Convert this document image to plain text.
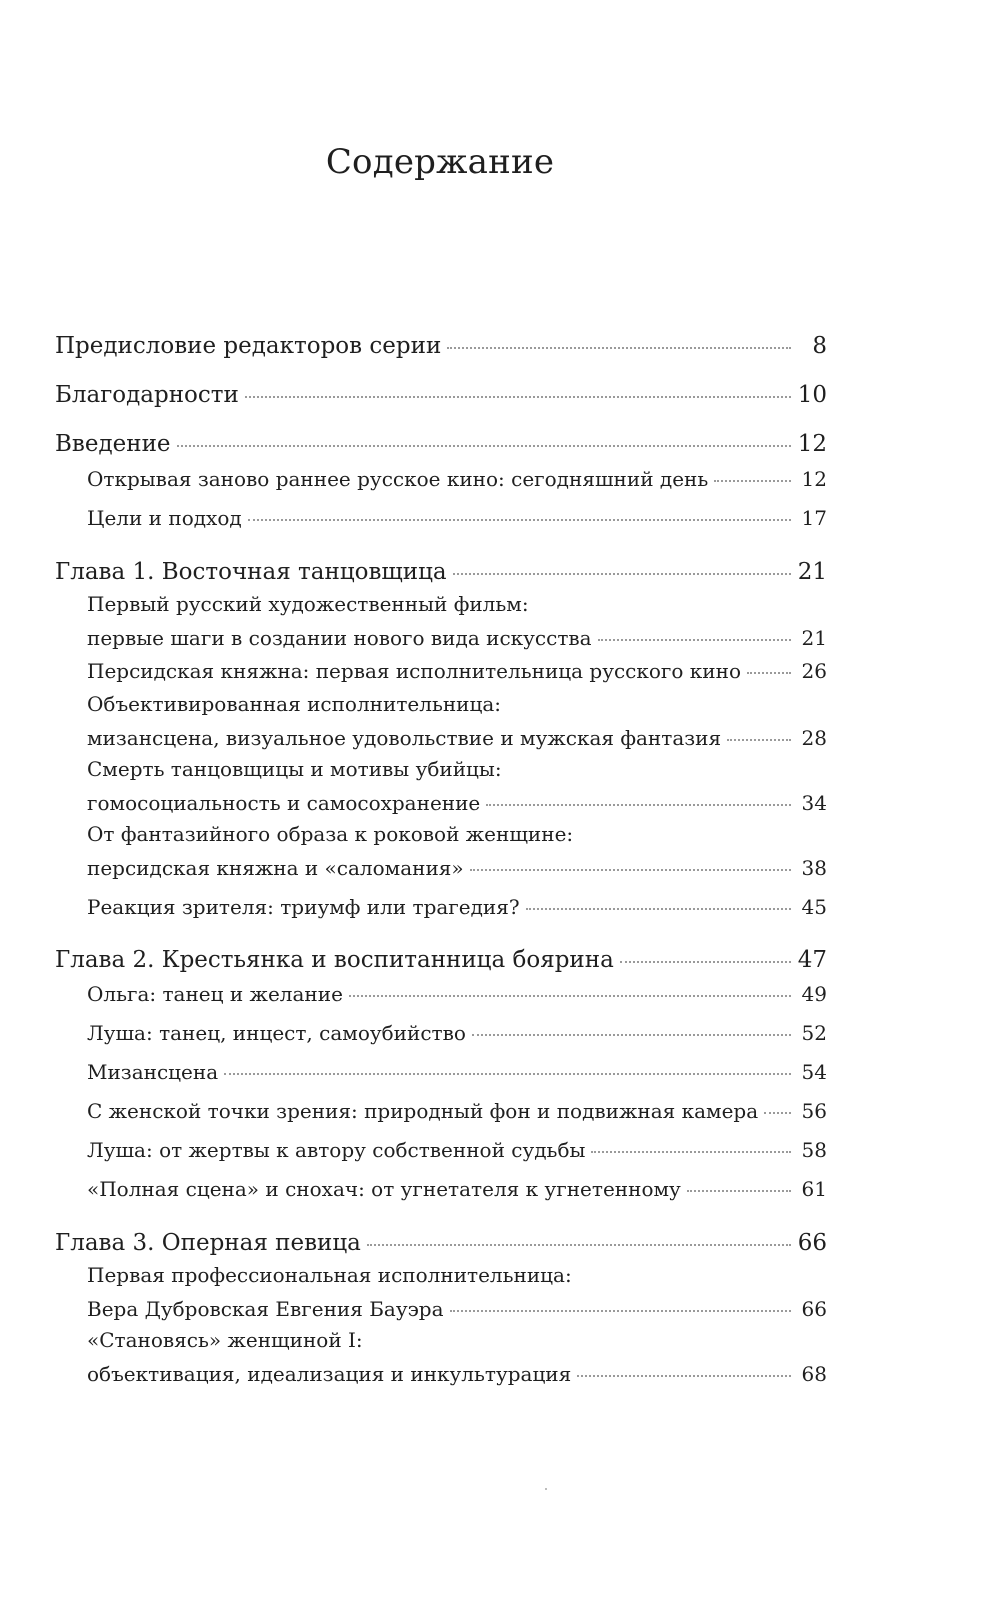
Содержание
Предисловие редакторов серии	8
Благодарности	10
Введение	12
Открывая заново раннее русское кино: сегодняшний день	12
Цели и подход	17
Глава 1. Восточная танцовщица	21
Первый русский художественный фильм:
первые шаги в создании нового вида искусства	21
Персидская княжна: первая исполнительница русского кино	26
Объективированная исполнительница:
мизансцена, визуальное удовольствие и мужская фантазия	28
Смерть танцовщицы и мотивы убийцы:
гомосоциальность и самосохранение	34
От фантазийного образа к роковой женщине:
персидская княжна и «саломания»	38
Реакция зрителя: триумф или трагедия?	45
Глава 2. Крестьянка и воспитанница боярина	47
Ольга: танец и желание	49
Луша: танец, инцест, самоубийство	52
Мизансцена	54
С женской точки зрения: природный фон и подвижная камера 56
Луша: от жертвы к автору собственной судьбы	58
«Полная сцена» и снохач: от угнетателя к угнетенному	61
Глава 3. Оперная певица	66
Первая профессиональная исполнительница:
Вера Дубровская Евгения Бауэра	66
«Становясь» женщиной I:
объективация, идеализация и инкультурация	68
